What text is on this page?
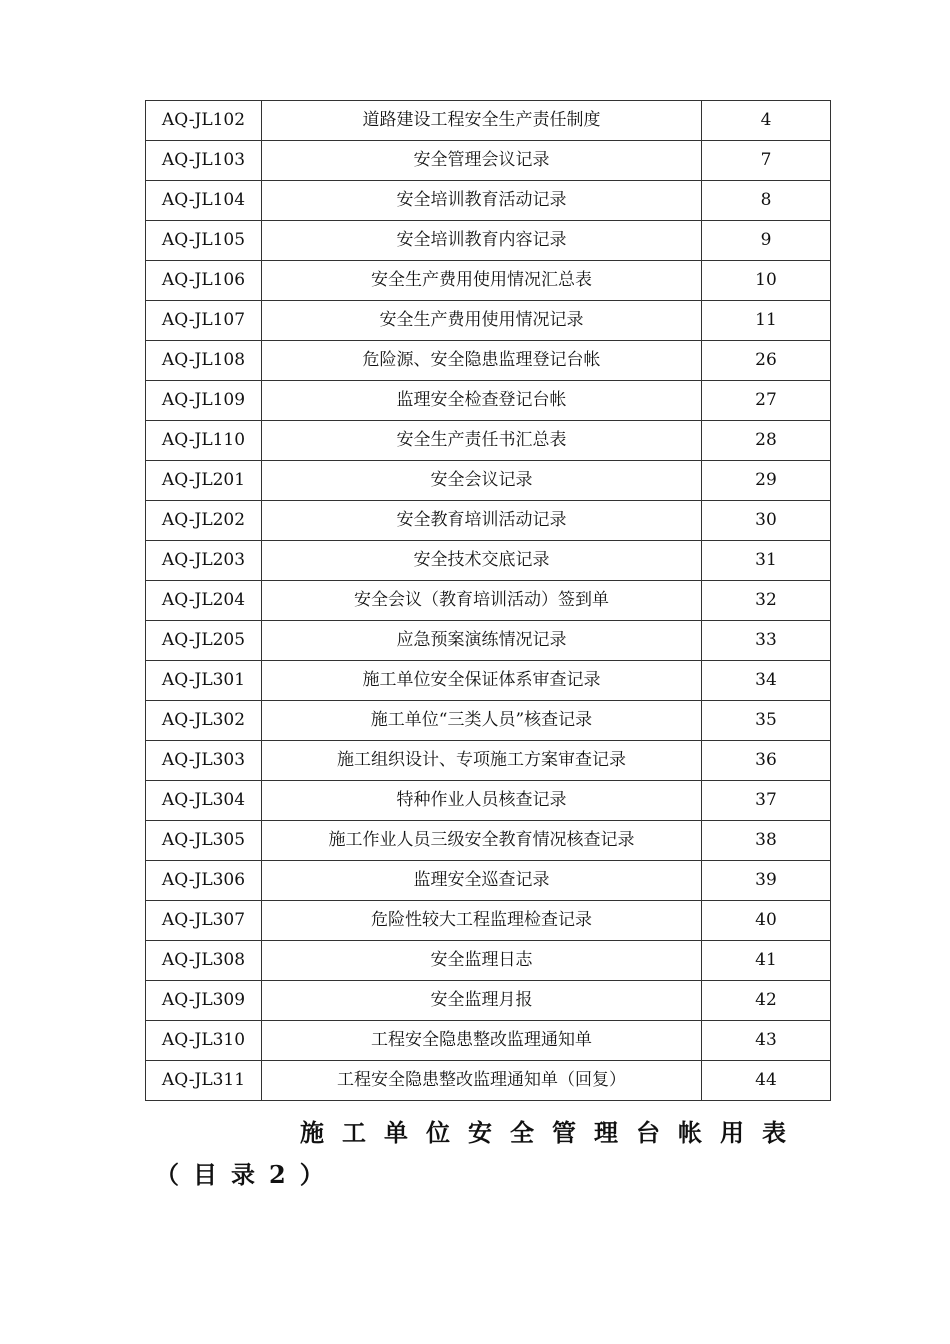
AQ-JL102	道路建设工程安全生产责任制度	4
AQ-JL103	安全管理会议记录	7
AQ-JL104	安全培训教育活动记录	8
AQ-JL105	安全培训教育内容记录	9
AQ-JL106	安全生产费用使用情况汇总表	10
AQ-JL107	安全生产费用使用情况记录	11
AQ-JL108	危险源、安全隐患监理登记台帐	26
AQ-JL109	监理安全检查登记台帐	27
AQ-JL110	安全生产责任书汇总表	28
AQ-JL201	安全会议记录	29
AQ-JL202	安全教育培训活动记录	30
AQ-JL203	安全技术交底记录	31
AQ-JL204	安全会议（教育培训活动）签到单	32
AQ-JL205	应急预案演练情况记录	33
AQ-JL301	施工单位安全保证体系审查记录	34
AQ-JL302	施工单位“三类人员”核查记录	35
AQ-JL303	施工组织设计、专项施工方案审查记录	36
AQ-JL304	特种作业人员核查记录	37
AQ-JL305	施工作业人员三级安全教育情况核查记录	38
AQ-JL306	监理安全巡查记录	39
AQ-JL307	危险性较大工程监理检查记录	40
AQ-JL308	安全监理日志	41
AQ-JL309	安全监理月报	42
AQ-JL310	工程安全隐患整改监理通知单	43
AQ-JL311	工程安全隐患整改监理通知单（回复）	44
施工单位安全管理台帐用表
（目录2）
